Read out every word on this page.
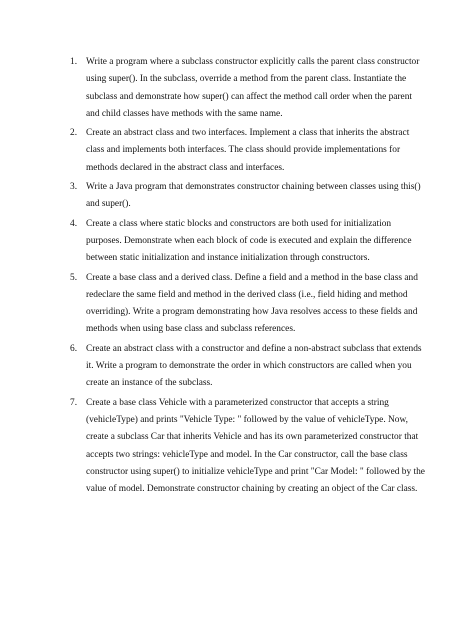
1. Write a program where a subclass constructor explicitly calls the parent class constructor using super(). In the subclass, override a method from the parent class. Instantiate the subclass and demonstrate how super() can affect the method call order when the parent and child classes have methods with the same name.
2. Create an abstract class and two interfaces. Implement a class that inherits the abstract class and implements both interfaces. The class should provide implementations for methods declared in the abstract class and interfaces.
3. Write a Java program that demonstrates constructor chaining between classes using this() and super().
4. Create a class where static blocks and constructors are both used for initialization purposes. Demonstrate when each block of code is executed and explain the difference between static initialization and instance initialization through constructors.
5. Create a base class and a derived class. Define a field and a method in the base class and redeclare the same field and method in the derived class (i.e., field hiding and method overriding). Write a program demonstrating how Java resolves access to these fields and methods when using base class and subclass references.
6. Create an abstract class with a constructor and define a non-abstract subclass that extends it. Write a program to demonstrate the order in which constructors are called when you create an instance of the subclass.
7. Create a base class Vehicle with a parameterized constructor that accepts a string (vehicleType) and prints "Vehicle Type: " followed by the value of vehicleType. Now, create a subclass Car that inherits Vehicle and has its own parameterized constructor that accepts two strings: vehicleType and model. In the Car constructor, call the base class constructor using super() to initialize vehicleType and print "Car Model: " followed by the value of model. Demonstrate constructor chaining by creating an object of the Car class.
